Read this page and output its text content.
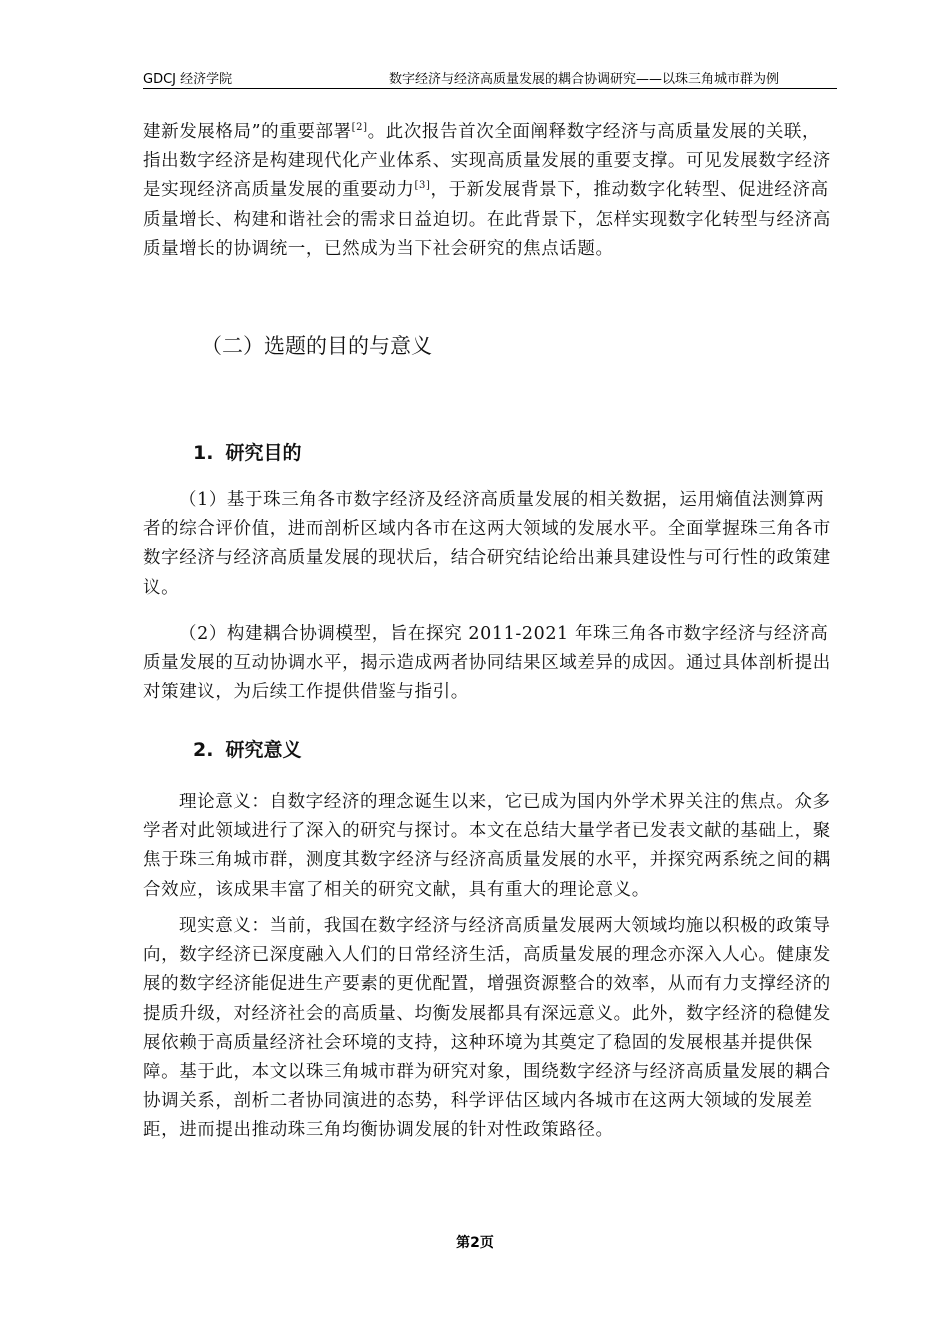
GDCJ 经济学院	数字经济与经济高质量发展的耦合协调研究——以珠三角城市群为例

建新发展格局”的重要部署[2]。此次报告首次全面阐释数字经济与高质量发展的关联，指出数字经济是构建现代化产业体系、实现高质量发展的重要支撑。可见发展数字经济是实现经济高质量发展的重要动力[3]，于新发展背景下，推动数字化转型、促进经济高质量增长、构建和谐社会的需求日益迫切。在此背景下，怎样实现数字化转型与经济高质量增长的协调统一，已然成为当下社会研究的焦点话题。

（二）选题的目的与意义
1. 研究目的

（1）基于珠三角各市数字经济及经济高质量发展的相关数据，运用熵值法测算两者的综合评价值，进而剖析区域内各市在这两大领域的发展水平。全面掌握珠三角各市数字经济与经济高质量发展的现状后，结合研究结论给出兼具建设性与可行性的政策建议。

（2）构建耦合协调模型，旨在探究 2011-2021 年珠三角各市数字经济与经济高质量发展的互动协调水平，揭示造成两者协同结果区域差异的成因。通过具体剖析提出对策建议，为后续工作提供借鉴与指引。

2. 研究意义

理论意义：自数字经济的理念诞生以来，它已成为国内外学术界关注的焦点。众多学者对此领域进行了深入的研究与探讨。本文在总结大量学者已发表文献的基础上，聚焦于珠三角城市群，测度其数字经济与经济高质量发展的水平，并探究两系统之间的耦合效应，该成果丰富了相关的研究文献，具有重大的理论意义。

现实意义：当前，我国在数字经济与经济高质量发展两大领域均施以积极的政策导向，数字经济已深度融入人们的日常经济生活，高质量发展的理念亦深入人心。健康发展的数字经济能促进生产要素的更优配置，增强资源整合的效率，从而有力支撑经济的提质升级，对经济社会的高质量、均衡发展都具有深远意义。此外，数字经济的稳健发展依赖于高质量经济社会环境的支持，这种环境为其奠定了稳固的发展根基并提供保障。基于此，本文以珠三角城市群为研究对象，围绕数字经济与经济高质量发展的耦合协调关系，剖析二者协同演进的态势，科学评估区域内各城市在这两大领域的发展差距，进而提出推动珠三角均衡协调发展的针对性政策路径。

第2页
